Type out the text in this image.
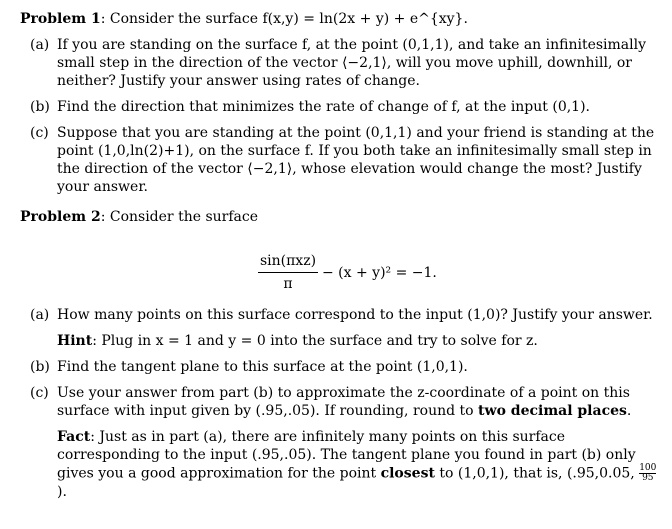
Problem 1: Consider the surface f(x,y) = ln(2x + y) + e^{xy}.

(a) If you are standing on the surface f, at the point (0,1,1), and take an infinitesimally small step in the direction of the vector ⟨−2,1⟩, will you move uphill, downhill, or neither? Justify your answer using rates of change.
(b) Find the direction that minimizes the rate of change of f, at the input (0,1).
(c) Suppose that you are standing at the point (0,1,1) and your friend is standing at the point (1,0,ln(2)+1), on the surface f. If you both take an infinitesimally small step in the direction of the vector ⟨−2,1⟩, whose elevation would change the most? Justify your answer.

Problem 2: Consider the surface

sin(πxz)
π
− (x + y)² = −1.
(a) How many points on this surface correspond to the input (1,0)? Justify your answer.
Hint: Plug in x = 1 and y = 0 into the surface and try to solve for z.
(b) Find the tangent plane to this surface at the point (1,0,1).
(c) Use your answer from part (b) to approximate the z-coordinate of a point on this surface with input given by (.95,.05). If rounding, round to two decimal places.
Fact: Just as in part (a), there are infinitely many points on this surface corresponding to the input (.95,.05). The tangent plane you found in part (b) only gives you a good approximation for the point closest to (1,0,1), that is, (.95,0.05, $\frac{100}{95}$
).
